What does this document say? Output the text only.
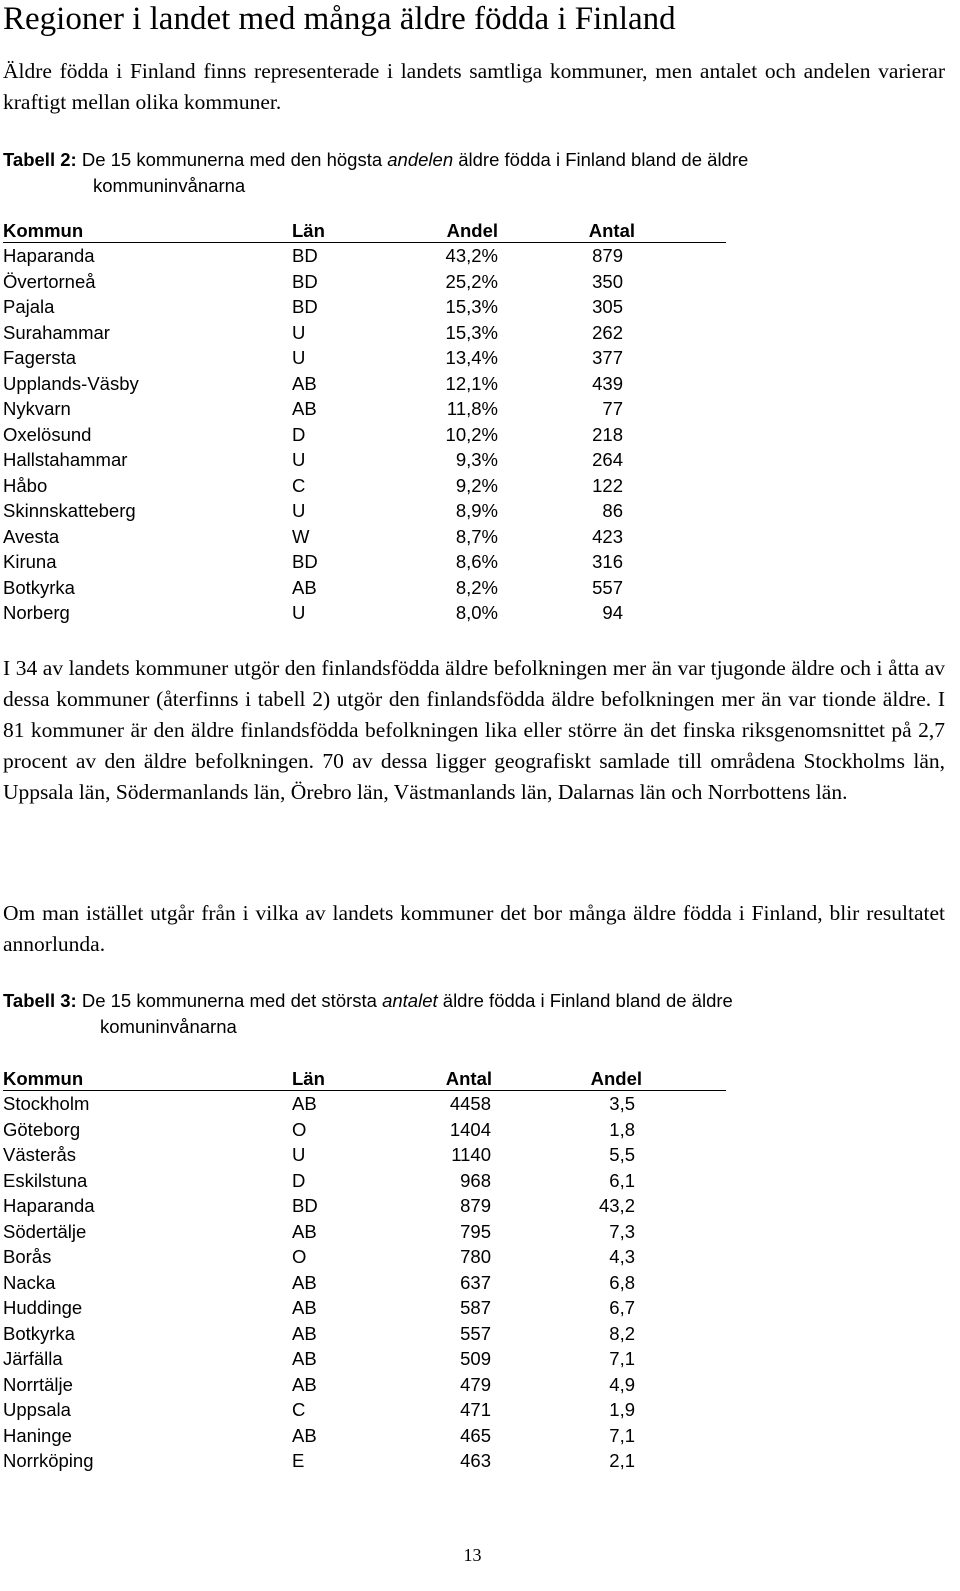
Regioner i landet med många äldre födda i Finland

Äldre födda i Finland finns representerade i landets samtliga kommuner, men antalet och andelen varierar kraftigt mellan olika kommuner.

Tabell 2: De 15 kommunerna med den högsta andelen äldre födda i Finland bland de äldre
kommuninvånarna
Kommun	Län	Andel	Antal
Haparanda	BD	43,2%	879
Övertorneå	BD	25,2%	350
Pajala	BD	15,3%	305
Surahammar	U	15,3%	262
Fagersta	U	13,4%	377
Upplands-Väsby	AB	12,1%	439
Nykvarn	AB	11,8%	77
Oxelösund	D	10,2%	218
Hallstahammar	U	9,3%	264
Håbo	C	9,2%	122
Skinnskatteberg	U	8,9%	86
Avesta	W	8,7%	423
Kiruna	BD	8,6%	316
Botkyrka	AB	8,2%	557
Norberg	U	8,0%	94

I 34 av landets kommuner utgör den finlandsfödda äldre befolkningen mer än var tjugonde äldre och i åtta av dessa kommuner (återfinns i tabell 2) utgör den finlandsfödda äldre befolkningen mer än var tionde äldre. I 81 kommuner är den äldre finlandsfödda befolkningen lika eller större än det finska riksgenomsnittet på 2,7 procent av den äldre befolkningen. 70 av dessa ligger geografiskt samlade till områdena Stockholms län, Uppsala län, Södermanlands län, Örebro län, Västmanlands län, Dalarnas län och Norrbottens län.

Om man istället utgår från i vilka av landets kommuner det bor många äldre födda i Finland, blir resultatet annorlunda.

Tabell 3: De 15 kommunerna med det största antalet äldre födda i Finland bland de äldre
komuninvånarna
Kommun	Län	Antal	Andel
Stockholm	AB	4458	3,5
Göteborg	O	1404	1,8
Västerås	U	1140	5,5
Eskilstuna	D	968	6,1
Haparanda	BD	879	43,2
Södertälje	AB	795	7,3
Borås	O	780	4,3
Nacka	AB	637	6,8
Huddinge	AB	587	6,7
Botkyrka	AB	557	8,2
Järfälla	AB	509	7,1
Norrtälje	AB	479	4,9
Uppsala	C	471	1,9
Haninge	AB	465	7,1
Norrköping	E	463	2,1
13
